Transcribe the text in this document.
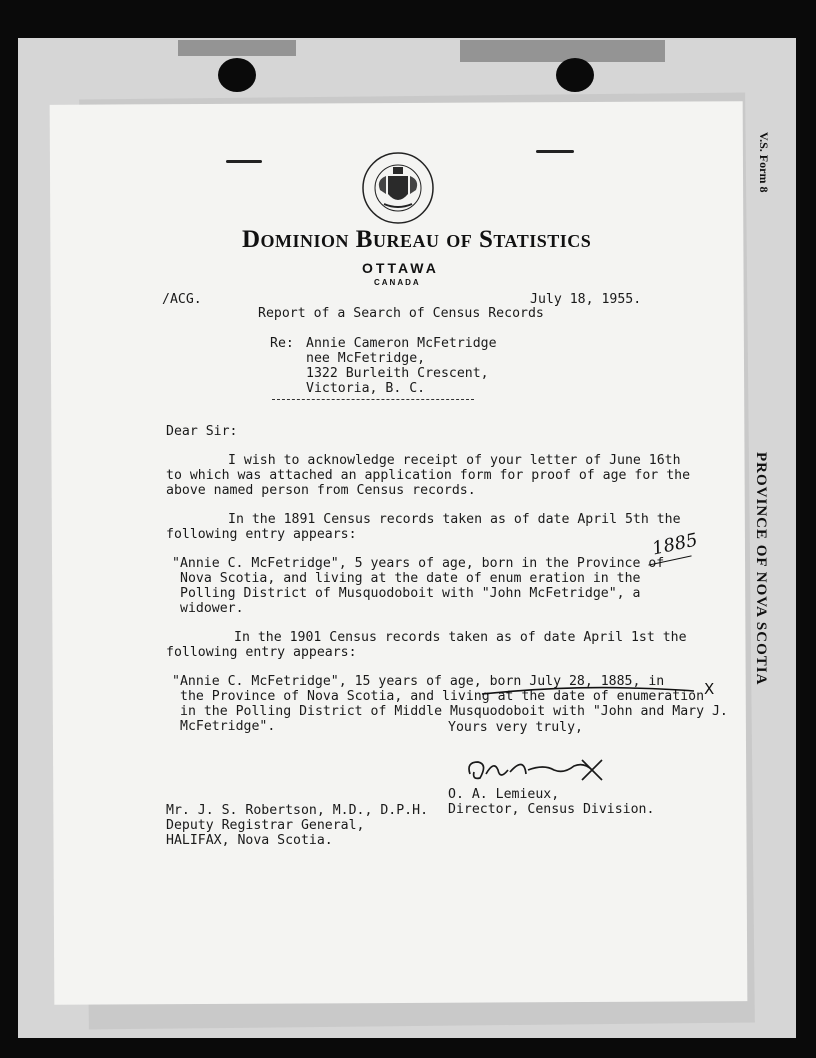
V.S. Form 8
PROVINCE OF NOVA SCOTIA
Dominion Bureau of Statistics
OTTAWA
CANADA
/ACG.	July 18, 1955.
Report of a Search of Census Records
Re: Annie Cameron McFetridge
nee McFetridge,
1322 Burleith Crescent,
Victoria, B. C.
Dear Sir:
I wish to acknowledge receipt of your letter of June 16th
to which was attached an application form for proof of age for the
above named person from Census records.
In the 1891 Census records taken as of date April 5th the
following entry appears:
"Annie C. McFetridge", 5 years of age, born in the Province of
Nova Scotia, and living at the date of enum eration in the
Polling District of Musquodoboit with "John McFetridge", a
widower.
In the 1901 Census records taken as of date April 1st the
following entry appears:
"Annie C. McFetridge", 15 years of age, born July 28, 1885, in
the Province of Nova Scotia, and living at the date of enumeration
in the Polling District of Middle Musquodoboit with "John and Mary J.
McFetridge".
1885
X
Yours very truly,
O. A. Lemieux,
Director, Census Division.
Mr. J. S. Robertson, M.D., D.P.H.
Deputy Registrar General,
HALIFAX, Nova Scotia.
